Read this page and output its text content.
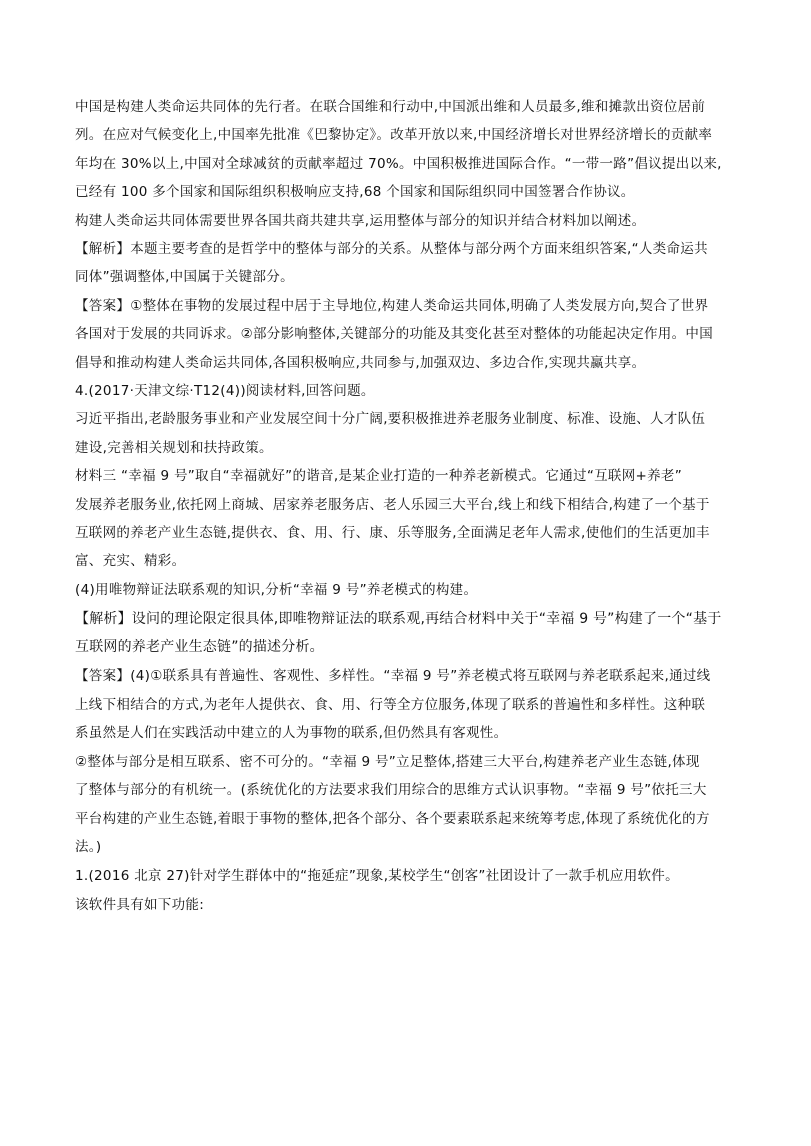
中国是构建人类命运共同体的先行者。在联合国维和行动中,中国派出维和人员最多,维和摊款出资位居前
列。在应对气候变化上,中国率先批准《巴黎协定》。改革开放以来,中国经济增长对世界经济增长的贡献率
年均在 30%以上,中国对全球减贫的贡献率超过 70%。中国积极推进国际合作。“一带一路”倡议提出以来,
已经有 100 多个国家和国际组织积极响应支持,68 个国家和国际组织同中国签署合作协议。
构建人类命运共同体需要世界各国共商共建共享,运用整体与部分的知识并结合材料加以阐述。
【解析】本题主要考查的是哲学中的整体与部分的关系。从整体与部分两个方面来组织答案,“人类命运共
同体”强调整体,中国属于关键部分。
【答案】①整体在事物的发展过程中居于主导地位,构建人类命运共同体,明确了人类发展方向,契合了世界
各国对于发展的共同诉求。②部分影响整体,关键部分的功能及其变化甚至对整体的功能起决定作用。中国
倡导和推动构建人类命运共同体,各国积极响应,共同参与,加强双边、多边合作,实现共赢共享。
4.(2017·天津文综·T12(4))阅读材料,回答问题。
习近平指出,老龄服务事业和产业发展空间十分广阔,要积极推进养老服务业制度、标准、设施、人才队伍
建设,完善相关规划和扶持政策。
材料三 “幸福 9 号”取自“幸福就好”的谐音,是某企业打造的一种养老新模式。它通过“互联网+养老”
发展养老服务业,依托网上商城、居家养老服务店、老人乐园三大平台,线上和线下相结合,构建了一个基于
互联网的养老产业生态链,提供衣、食、用、行、康、乐等服务,全面满足老年人需求,使他们的生活更加丰
富、充实、精彩。
(4)用唯物辩证法联系观的知识,分析“幸福 9 号”养老模式的构建。
【解析】设问的理论限定很具体,即唯物辩证法的联系观,再结合材料中关于“幸福 9 号”构建了一个“基于
互联网的养老产业生态链”的描述分析。
【答案】(4)①联系具有普遍性、客观性、多样性。“幸福 9 号”养老模式将互联网与养老联系起来,通过线
上线下相结合的方式,为老年人提供衣、食、用、行等全方位服务,体现了联系的普遍性和多样性。这种联
系虽然是人们在实践活动中建立的人为事物的联系,但仍然具有客观性。
②整体与部分是相互联系、密不可分的。“幸福 9 号”立足整体,搭建三大平台,构建养老产业生态链,体现
了整体与部分的有机统一。(系统优化的方法要求我们用综合的思维方式认识事物。“幸福 9 号”依托三大
平台构建的产业生态链,着眼于事物的整体,把各个部分、各个要素联系起来统筹考虑,体现了系统优化的方
法。)
1.(2016 北京 27)针对学生群体中的“拖延症”现象,某校学生“创客”社团设计了一款手机应用软件。
该软件具有如下功能:
